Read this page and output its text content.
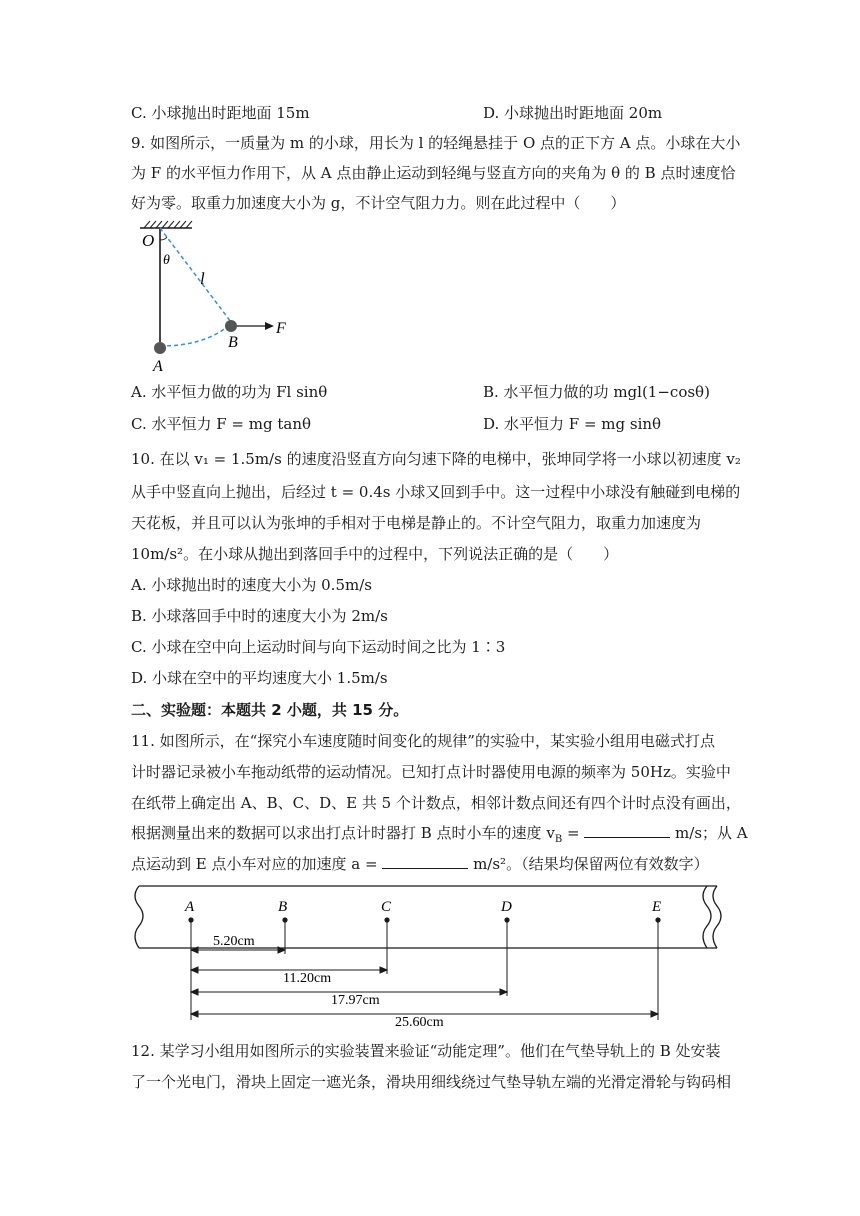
C. 小球抛出时距地面 15m	D. 小球抛出时距地面 20m
9. 如图所示，一质量为 m 的小球，用长为 l 的轻绳悬挂于 O 点的正下方 A 点。小球在大小
为 F 的水平恒力作用下，从 A 点由静止运动到轻绳与竖直方向的夹角为 θ 的 B 点时速度恰
好为零。取重力加速度大小为 g，不计空气阻力力。则在此过程中（　　）
O
θ
l
B
F
A
A. 水平恒力做的功为 Fl sinθ	B. 水平恒力做的功 mgl(1−cosθ)
C. 水平恒力 F = mg tanθ	D. 水平恒力 F = mg sinθ
10. 在以 v₁ = 1.5m/s 的速度沿竖直方向匀速下降的电梯中，张坤同学将一小球以初速度 v₂
从手中竖直向上抛出，后经过 t = 0.4s 小球又回到手中。这一过程中小球没有触碰到电梯的
天花板，并且可以认为张坤的手相对于电梯是静止的。不计空气阻力，取重力加速度为
10m/s²。在小球从抛出到落回手中的过程中，下列说法正确的是（　　）
A. 小球抛出时的速度大小为 0.5m/s
B. 小球落回手中时的速度大小为 2m/s
C. 小球在空中向上运动时间与向下运动时间之比为 1∶3
D. 小球在空中的平均速度大小 1.5m/s
二、实验题：本题共 2 小题，共 15 分。
11. 如图所示，在“探究小车速度随时间变化的规律”的实验中，某实验小组用电磁式打点
计时器记录被小车拖动纸带的运动情况。已知打点计时器使用电源的频率为 50Hz。实验中
在纸带上确定出 A、B、C、D、E 共 5 个计数点，相邻计数点间还有四个计时点没有画出，
根据测量出来的数据可以求出打点计时器打 B 点时小车的速度 $v_B$ =	m/s；从 A
点运动到 E 点小车对应的加速度 a =	m/s²。（结果均保留两位有效数字）
A	B	C	D	E
5.20cm
11.20cm
17.97cm
25.60cm
12. 某学习小组用如图所示的实验装置来验证“动能定理”。他们在气垫导轨上的 B 处安装
了一个光电门，滑块上固定一遮光条，滑块用细线绕过气垫导轨左端的光滑定滑轮与钩码相
